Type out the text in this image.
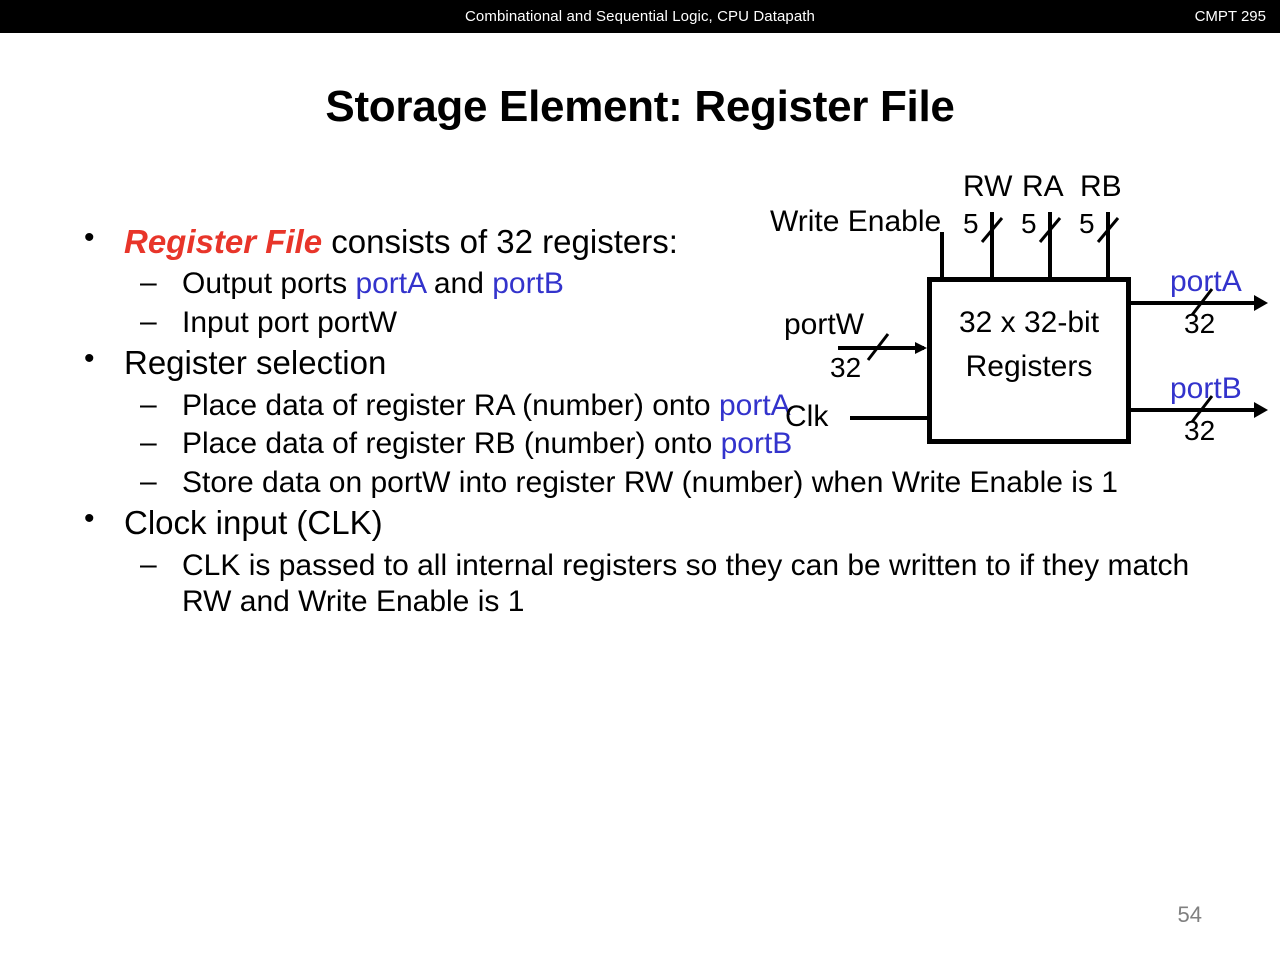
Combinational and Sequential Logic, CPU Datapath	CMPT 295
Storage Element: Register File
• Register File consists of 32 registers:
– Output ports portA and portB
– Input port portW
• Register selection
– Place data of register RA (number) onto portA
– Place data of register RB (number) onto portB
– Store data on portW into register RW (number) when Write Enable is 1
• Clock input (CLK)
– CLK is passed to all internal registers so they can be written to if they match RW and Write Enable is 1
RW RA RB
Write Enable 5 5 5
portW
32
Clk
32 x 32-bit
Registers
portA
32
portB
32
54
